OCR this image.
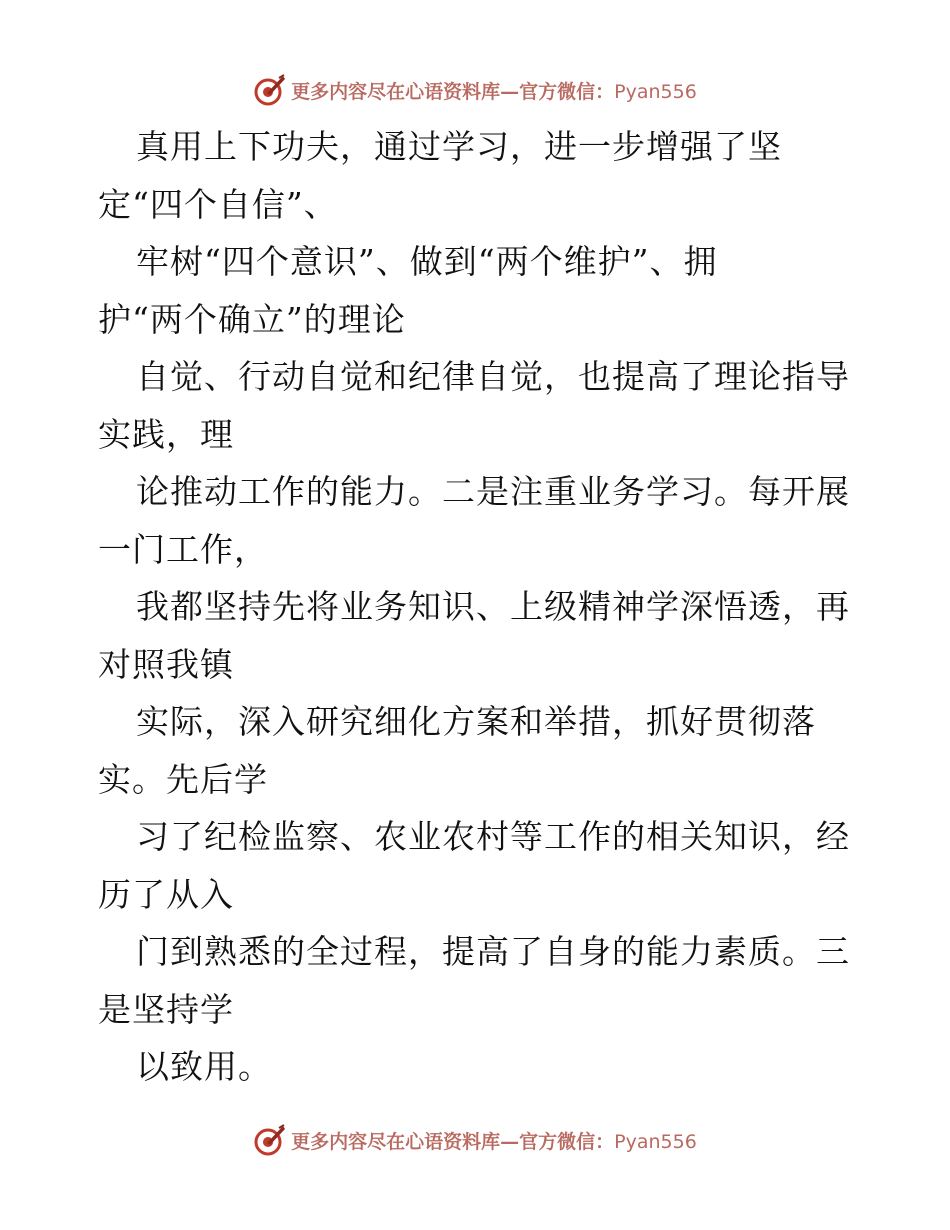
更多内容尽在心语资料库—官方微信：Pyan556
真用上下功夫，通过学习，进一步增强了坚
定“四个自信”、
牢树“四个意识”、做到“两个维护”、拥
护“两个确立”的理论
自觉、行动自觉和纪律自觉，也提高了理论指导
实践，理
论推动工作的能力。二是注重业务学习。每开展
一门工作，
我都坚持先将业务知识、上级精神学深悟透，再
对照我镇
实际，深入研究细化方案和举措，抓好贯彻落
实。先后学
习了纪检监察、农业农村等工作的相关知识，经
历了从入
门到熟悉的全过程，提高了自身的能力素质。三
是坚持学
以致用。
更多内容尽在心语资料库—官方微信：Pyan556
